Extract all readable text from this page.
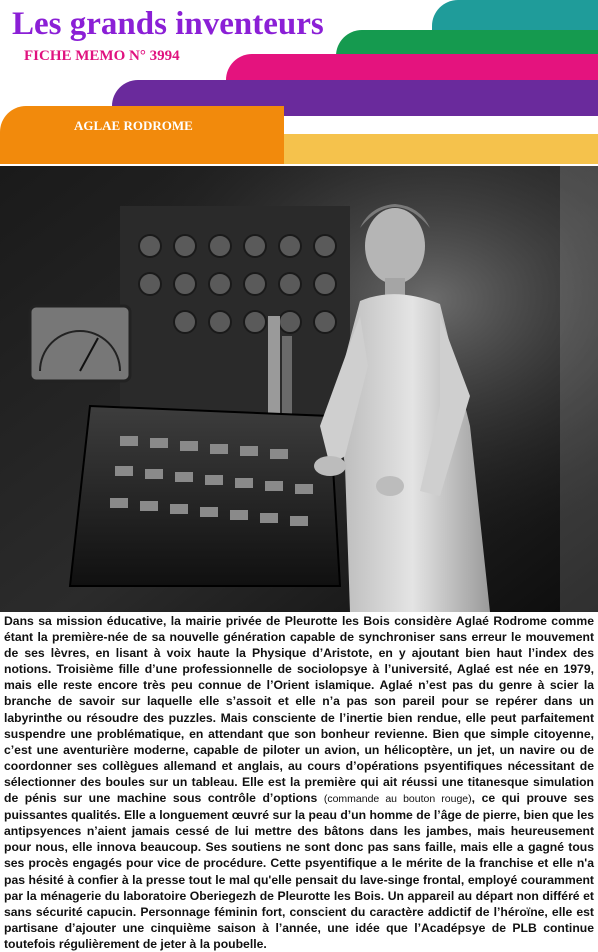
Les grands inventeurs

FICHE MEMO N° 3994

AGLAE RODROME

Dans sa mission éducative, la mairie privée de Pleurotte les Bois considère Aglaé Rodrome comme étant la première-née de sa nouvelle génération capable de synchroniser sans erreur le mouvement de ses lèvres, en lisant à voix haute la Physique d’Aristote, en y ajoutant bien haut l’index des notions. Troisième fille d’une professionnelle de sociolopsye à l’université, Aglaé est née en 1979, mais elle reste encore très peu connue de l’Orient islamique. Aglaé n’est pas du genre à scier la branche de savoir sur laquelle elle s’assoit et elle n’a pas son pareil pour se repérer dans un labyrinthe ou résoudre des puzzles. Mais consciente de l’inertie bien rendue, elle peut parfaitement suspendre une problématique, en attendant que son bonheur revienne. Bien que simple citoyenne, c’est une aventurière moderne, capable de piloter un avion, un hélicoptère, un jet, un navire ou de coordonner ses collègues allemand et anglais, au cours d’opérations psyentifiques nécessitant de sélectionner des boules sur un tableau. Elle est la première qui ait réussi une titanesque simulation de pénis sur une machine sous contrôle d’options (commande au bouton rouge), ce qui prouve ses puissantes qualités. Elle a longuement œuvré sur la peau d’un homme de l’âge de pierre, bien que les antipsyences n’aient jamais cessé de lui mettre des bâtons dans les jambes, mais heureusement pour nous, elle innova beaucoup. Ses soutiens ne sont donc pas sans faille, mais elle a gagné tous ses procès engagés pour vice de procédure. Cette psyentifique a le mérite de la franchise et elle n'a pas hésité à confier à la presse tout le mal qu'elle pensait du lave-singe frontal, employé couramment par la ménagerie du laboratoire Oberiegezh de Pleurotte les Bois. Un appareil au départ non différé et sans sécurité capucin. Personnage féminin fort, conscient du caractère addictif de l’héroïne, elle est partisane d’ajouter une cinquième saison à l’année, une idée que l’Acadépsye de PLB continue toutefois régulièrement de jeter à la poubelle.
